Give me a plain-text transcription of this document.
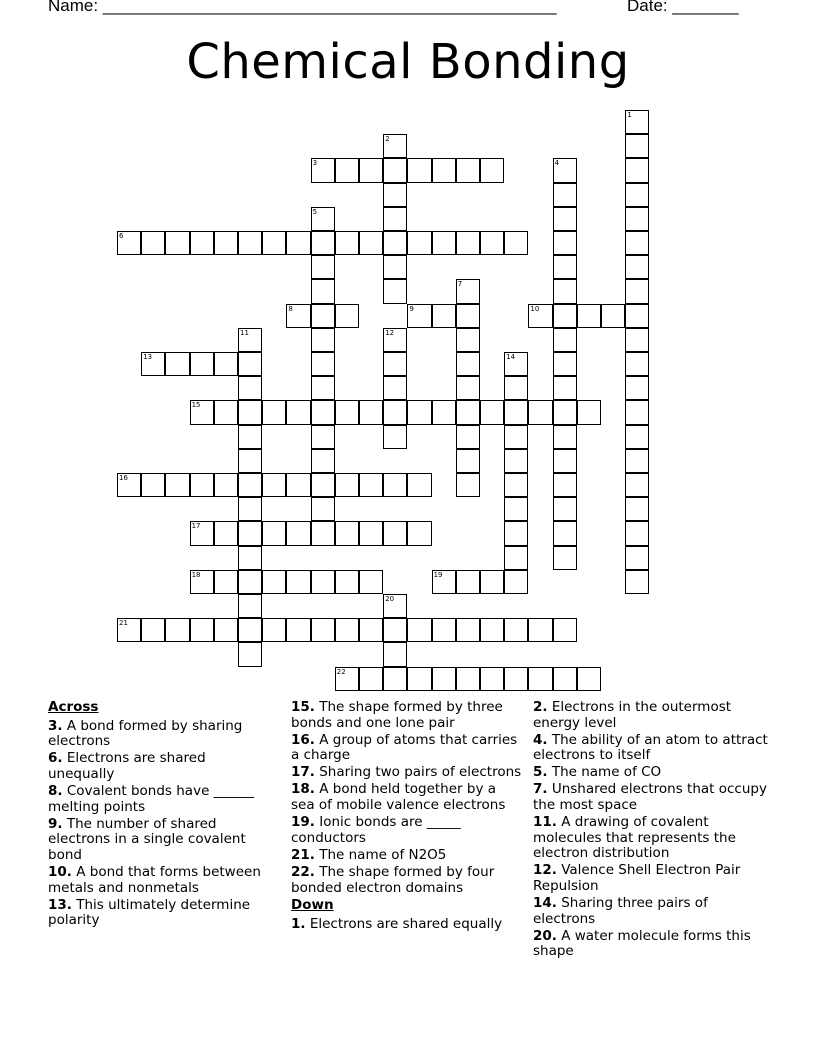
Name: ________________________________________________	Date: _______
Chemical Bonding
1
2
3	4
5
6
7
8	9	10
11	12
13	14
15
16
17
18	19
20
21
22
Across
3. A bond formed by sharing electrons
6. Electrons are shared unequally
8. Covalent bonds have ______ melting points
9. The number of shared electrons in a single covalent bond
10. A bond that forms between metals and nonmetals
13. This ultimately determine polarity
15. The shape formed by three bonds and one lone pair
16. A group of atoms that carries a charge
17. Sharing two pairs of electrons
18. A bond held together by a sea of mobile valence electrons
19. Ionic bonds are _____ conductors
21. The name of N2O5
22. The shape formed by four bonded electron domains
Down
1. Electrons are shared equally
2. Electrons in the outermost energy level
4. The ability of an atom to attract electrons to itself
5. The name of CO
7. Unshared electrons that occupy the most space
11. A drawing of covalent molecules that represents the electron distribution
12. Valence Shell Electron Pair Repulsion
14. Sharing three pairs of electrons
20. A water molecule forms this shape
